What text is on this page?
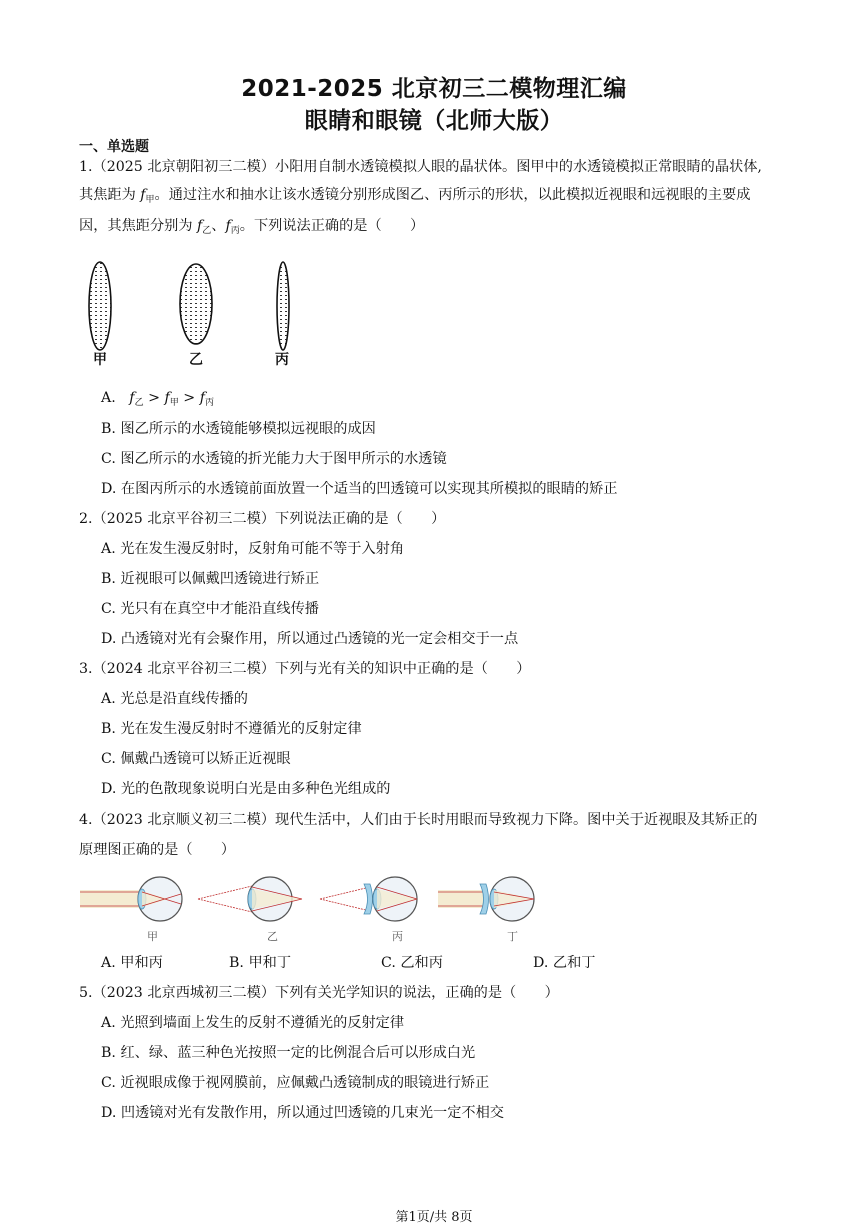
2021-2025 北京初三二模物理汇编
眼睛和眼镜（北师大版）
一、单选题
1.（2025 北京朝阳初三二模）小阳用自制水透镜模拟人眼的晶状体。图甲中的水透镜模拟正常眼睛的晶状体,
其焦距为 $f_甲$。通过注水和抽水让该水透镜分别形成图乙、丙所示的形状，以此模拟近视眼和远视眼的主要成
因，其焦距分别为 $f_乙$、$f_丙$。下列说法正确的是（　　）
甲	乙	丙
A. $f_乙 > f_甲 > f_丙$
B. 图乙所示的水透镜能够模拟远视眼的成因
C. 图乙所示的水透镜的折光能力大于图甲所示的水透镜
D. 在图丙所示的水透镜前面放置一个适当的凹透镜可以实现其所模拟的眼睛的矫正
2.（2025 北京平谷初三二模）下列说法正确的是（　　）
A. 光在发生漫反射时，反射角可能不等于入射角
B. 近视眼可以佩戴凹透镜进行矫正
C. 光只有在真空中才能沿直线传播
D. 凸透镜对光有会聚作用，所以通过凸透镜的光一定会相交于一点
3.（2024 北京平谷初三二模）下列与光有关的知识中正确的是（　　）
A. 光总是沿直线传播的
B. 光在发生漫反射时不遵循光的反射定律
C. 佩戴凸透镜可以矫正近视眼
D. 光的色散现象说明白光是由多种色光组成的
4.（2023 北京顺义初三二模）现代生活中，人们由于长时用眼而导致视力下降。图中关于近视眼及其矫正的
原理图正确的是（　　）
甲	乙	丙	丁
A. 甲和丙	B. 甲和丁	C. 乙和丙	D. 乙和丁
5.（2023 北京西城初三二模）下列有关光学知识的说法，正确的是（　　）
A. 光照到墙面上发生的反射不遵循光的反射定律
B. 红、绿、蓝三种色光按照一定的比例混合后可以形成白光
C. 近视眼成像于视网膜前，应佩戴凸透镜制成的眼镜进行矫正
D. 凹透镜对光有发散作用，所以通过凹透镜的几束光一定不相交
第1页/共 8页
